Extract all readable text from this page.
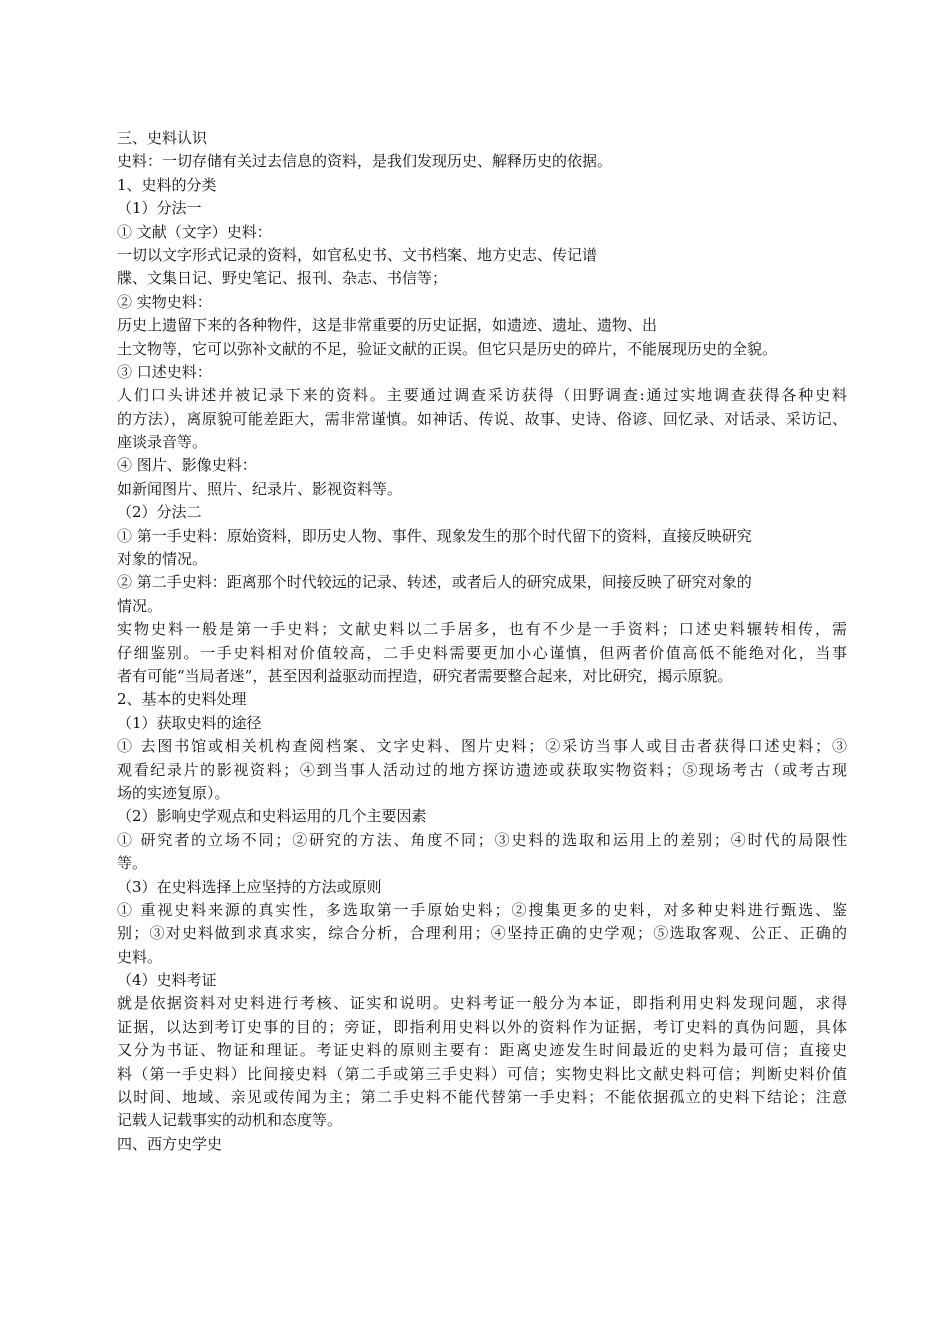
三、史料认识
史料：一切存储有关过去信息的资料，是我们发现历史、解释历史的依据。
1、史料的分类
（1）分法一
① 文献（文字）史料：
一切以文字形式记录的资料，如官私史书、文书档案、地方史志、传记谱
牒、文集日记、野史笔记、报刊、杂志、书信等；
② 实物史料：
历史上遗留下来的各种物件，这是非常重要的历史证据，如遗迹、遗址、遗物、出
土文物等，它可以弥补文献的不足，验证文献的正误。但它只是历史的碎片，不能展现历史的全貌。
③ 口述史料：
人们口头讲述并被记录下来的资料。主要通过调查采访获得（田野调查:通过实地调查获得各种史料
的方法），离原貌可能差距大，需非常谨慎。如神话、传说、故事、史诗、俗谚、回忆录、对话录、采访记、
座谈录音等。
④ 图片、影像史料：
如新闻图片、照片、纪录片、影视资料等。
（2）分法二
① 第一手史料：原始资料，即历史人物、事件、现象发生的那个时代留下的资料，直接反映研究
对象的情况。
② 第二手史料：距离那个时代较远的记录、转述，或者后人的研究成果，间接反映了研究对象的
情况。
实物史料一般是第一手史料；文献史料以二手居多，也有不少是一手资料；口述史料辗转相传，需
仔细鉴别。一手史料相对价值较高，二手史料需要更加小心谨慎，但两者价值高低不能绝对化，当事
者有可能“当局者迷”，甚至因利益驱动而捏造，研究者需要整合起来，对比研究，揭示原貌。
2、基本的史料处理
（1）获取史料的途径
① 去图书馆或相关机构查阅档案、文字史料、图片史料；②采访当事人或目击者获得口述史料；③
观看纪录片的影视资料；④到当事人活动过的地方探访遗迹或获取实物资料；⑤现场考古（或考古现
场的实迹复原）。
（2）影响史学观点和史料运用的几个主要因素
① 研究者的立场不同；②研究的方法、角度不同；③史料的选取和运用上的差别；④时代的局限性
等。
（3）在史料选择上应坚持的方法或原则
① 重视史料来源的真实性，多选取第一手原始史料；②搜集更多的史料，对多种史料进行甄选、鉴
别；③对史料做到求真求实，综合分析，合理利用；④坚持正确的史学观；⑤选取客观、公正、正确的
史料。
（4）史料考证
就是依据资料对史料进行考核、证实和说明。史料考证一般分为本证，即指利用史料发现问题，求得
证据，以达到考订史事的目的；旁证，即指利用史料以外的资料作为证据，考订史料的真伪问题，具体
又分为书证、物证和理证。考证史料的原则主要有：距离史迹发生时间最近的史料为最可信；直接史
料（第一手史料）比间接史料（第二手或第三手史料）可信；实物史料比文献史料可信；判断史料价值
以时间、地域、亲见或传闻为主；第二手史料不能代替第一手史料；不能依据孤立的史料下结论；注意
记载人记载事实的动机和态度等。
四、西方史学史
